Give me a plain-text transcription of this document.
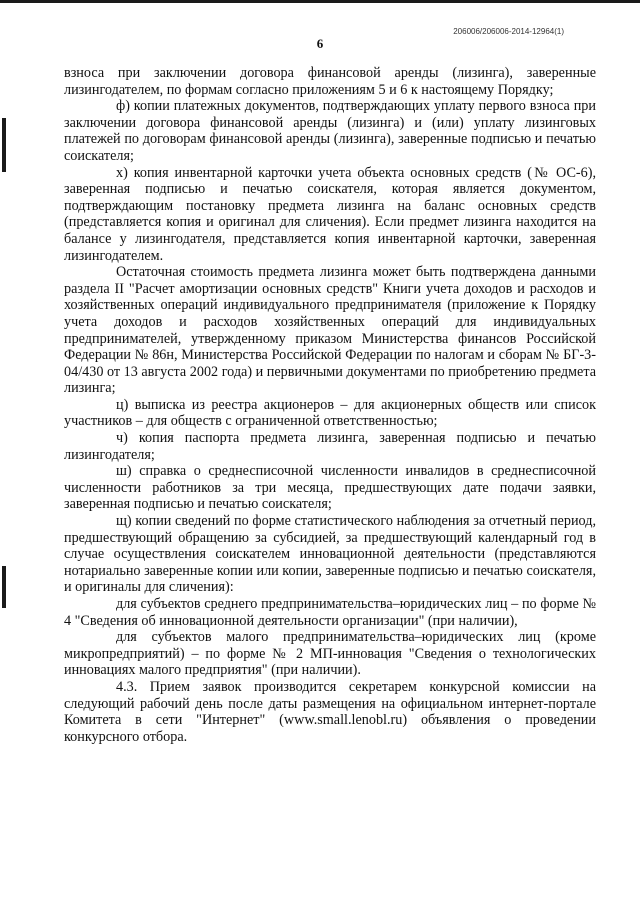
206006/206006-2014-12964(1)
6

взноса при заключении договора финансовой аренды (лизинга), заверенные лизингодателем, по формам согласно приложениям 5 и 6 к настоящему Порядку;

ф) копии платежных документов, подтверждающих уплату первого взноса при заключении договора финансовой аренды (лизинга) и (или) уплату лизинговых платежей по договорам финансовой аренды (лизинга), заверенные подписью и печатью соискателя;

х) копия инвентарной карточки учета объекта основных средств (№ ОС-6), заверенная подписью и печатью соискателя, которая является документом, подтверждающим постановку предмета лизинга на баланс основных средств (представляется копия и оригинал для сличения). Если предмет лизинга находится на балансе у лизингодателя, представляется копия инвентарной карточки, заверенная лизингодателем.

Остаточная стоимость предмета лизинга может быть подтверждена данными раздела II "Расчет амортизации основных средств" Книги учета доходов и расходов и хозяйственных операций индивидуального предпринимателя (приложение к Порядку учета доходов и расходов хозяйственных операций для индивидуальных предпринимателей, утвержденному приказом Министерства финансов Российской Федерации № 86н, Министерства Российской Федерации по налогам и сборам № БГ-3-04/430 от 13 августа 2002 года) и первичными документами по приобретению предмета лизинга;

ц) выписка из реестра акционеров – для акционерных обществ или список участников – для обществ с ограниченной ответственностью;

ч) копия паспорта предмета лизинга, заверенная подписью и печатью лизингодателя;

ш) справка о среднесписочной численности инвалидов в среднесписочной численности работников за три месяца, предшествующих дате подачи заявки, заверенная подписью и печатью соискателя;

щ) копии сведений по форме статистического наблюдения за отчетный период, предшествующий обращению за субсидией, за предшествующий календарный год в случае осуществления соискателем инновационной деятельности (представляются нотариально заверенные копии или копии, заверенные подписью и печатью соискателя, и оригиналы для сличения):

для субъектов среднего предпринимательства–юридических лиц – по форме № 4 "Сведения об инновационной деятельности организации" (при наличии),

для субъектов малого предпринимательства–юридических лиц (кроме микропредприятий) – по форме № 2 МП-инновация "Сведения о технологических инновациях малого предприятия" (при наличии).

4.3. Прием заявок производится секретарем конкурсной комиссии на следующий рабочий день после даты размещения на официальном интернет-портале Комитета в сети "Интернет" (www.small.lenobl.ru) объявления о проведении конкурсного отбора.
